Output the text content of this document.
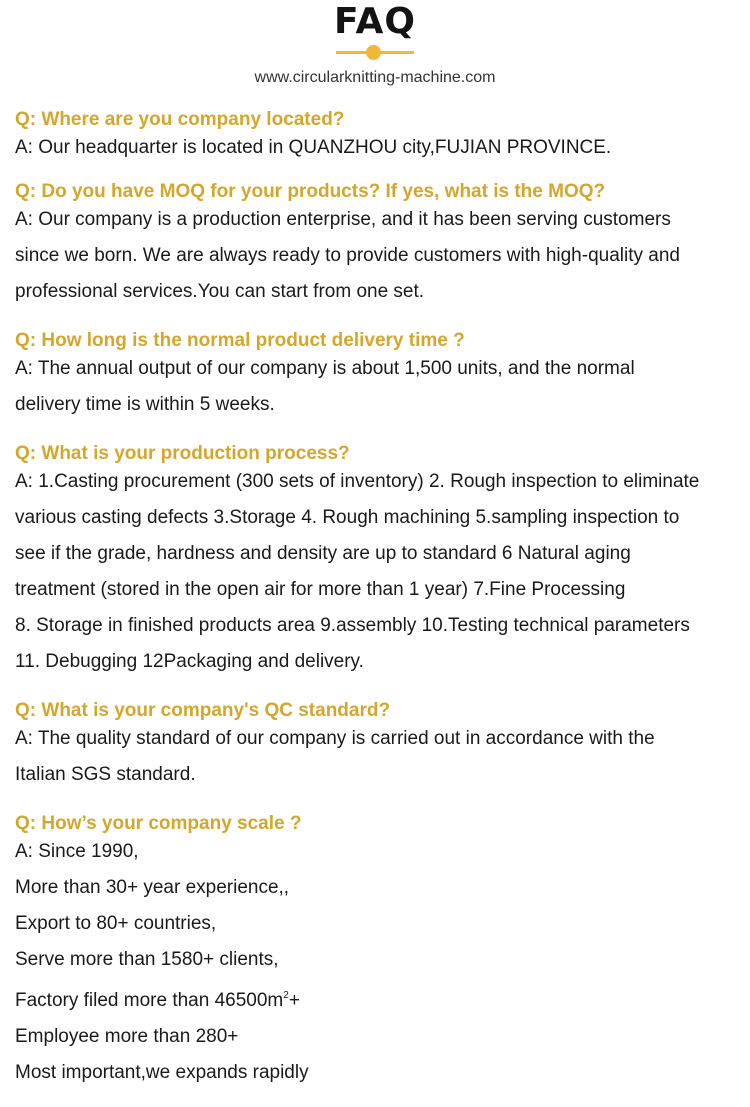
FAQ
www.circularknitting-machine.com
Q: Where are you company located?
A: Our headquarter is located in QUANZHOU city,FUJIAN PROVINCE.
Q: Do you have MOQ for your products? If yes, what is the MOQ?
A: Our company is a production enterprise, and it has been serving customers
since we born. We are always ready to provide customers with high-quality and
professional services.You can start from one set.
Q: How long is the normal product delivery time ?
A: The annual output of our company is about 1,500 units, and the normal
delivery time is within 5 weeks.
Q: What is your production process?
A: 1.Casting procurement (300 sets of inventory) 2. Rough inspection to eliminate
various casting defects 3.Storage 4. Rough machining 5.sampling inspection to
see if the grade, hardness and density are up to standard 6 Natural aging
treatment (stored in the open air for more than 1 year) 7.Fine Processing
8. Storage in finished products area 9.assembly 10.Testing technical parameters
11. Debugging 12Packaging and delivery.
Q: What is your company's QC standard?
A: The quality standard of our company is carried out in accordance with the
Italian SGS standard.
Q: How’s your company scale ?
A: Since 1990,
More than 30+ year experience,,
Export to 80+ countries,
Serve more than 1580+ clients,
Factory filed more than $46500m^2+$
Employee more than 280+
Most important,we expands rapidly
